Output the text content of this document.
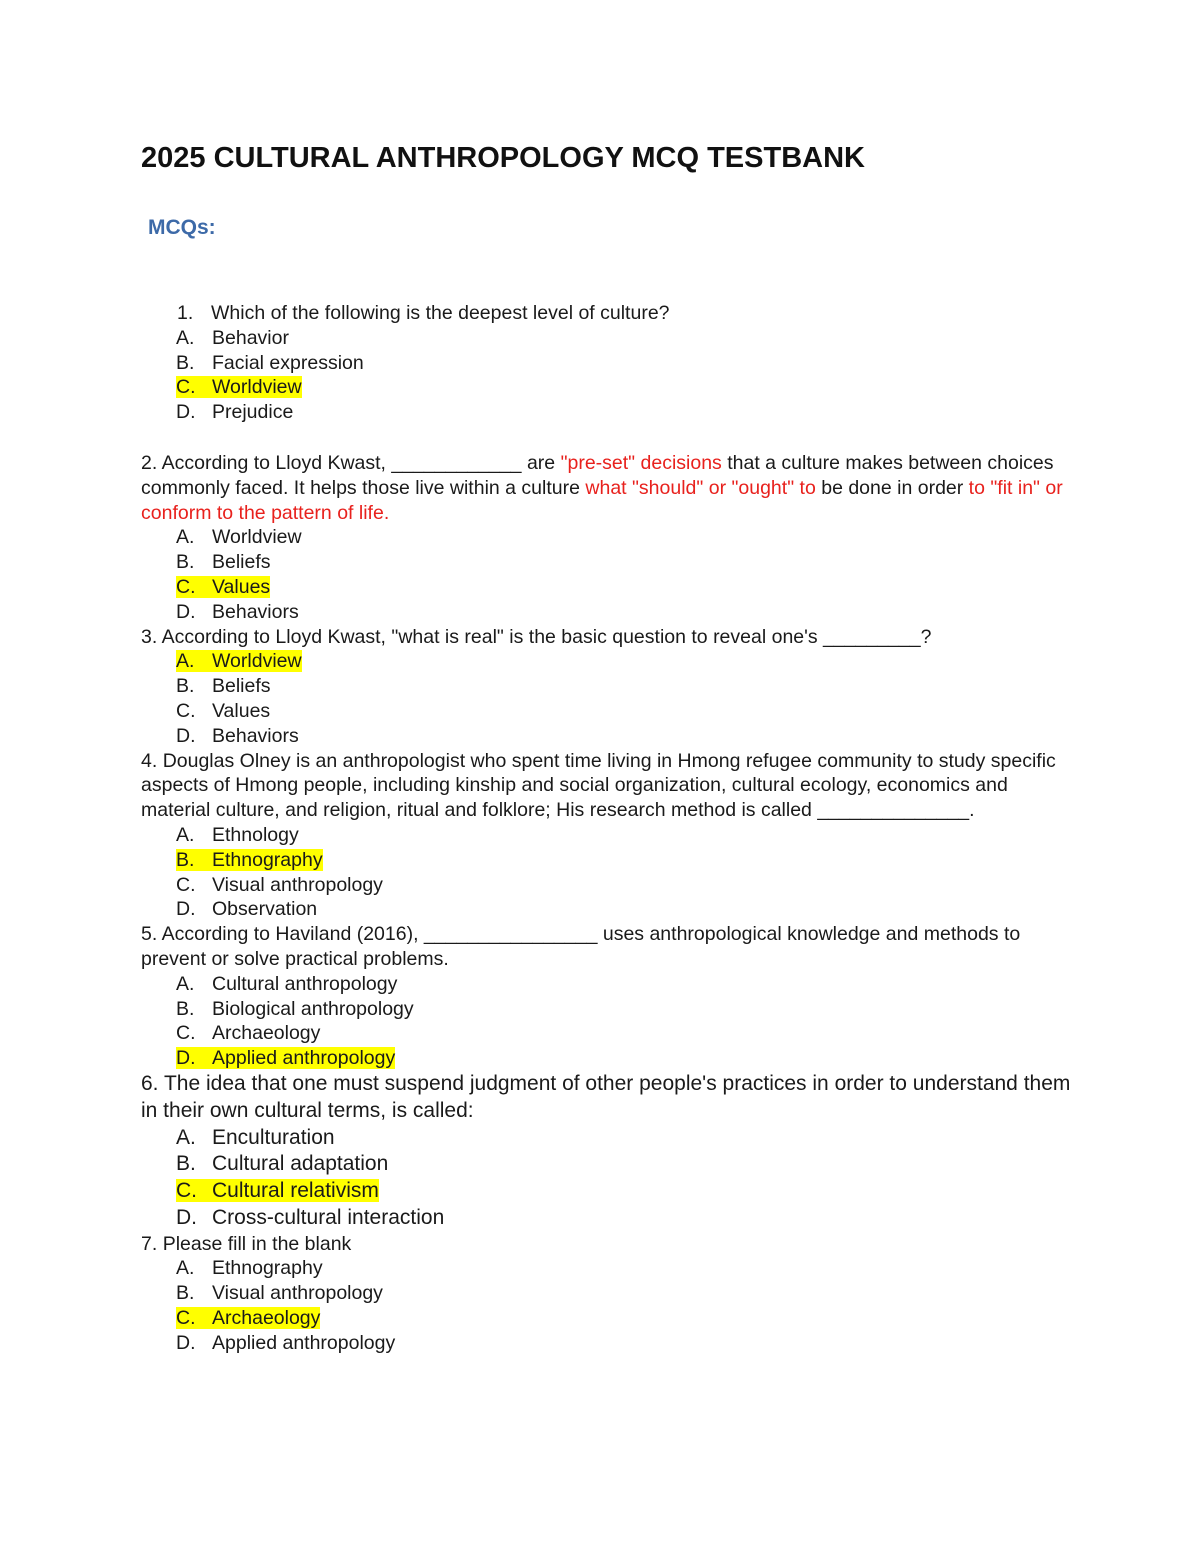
2025 CULTURAL ANTHROPOLOGY MCQ TESTBANK
MCQs:

1. Which of the following is the deepest level of culture?

A. Behavior

B. Facial expression

C. Worldview

D. Prejudice

2. According to Lloyd Kwast, ____________ are "pre-set" decisions that a culture makes between choices commonly faced. It helps those live within a culture what "should" or "ought" to be done in order to "fit in" or conform to the pattern of life.

A. Worldview

B. Beliefs

C. Values

D. Behaviors

3. According to Lloyd Kwast, "what is real" is the basic question to reveal one's _________?

A. Worldview

B. Beliefs

C. Values

D. Behaviors

4. Douglas Olney is an anthropologist who spent time living in Hmong refugee community to study specific aspects of Hmong people, including kinship and social organization, cultural ecology, economics and material culture, and religion, ritual and folklore; His research method is called ______________.

A. Ethnology

B. Ethnography

C. Visual anthropology

D. Observation

5. According to Haviland (2016), ________________ uses anthropological knowledge and methods to prevent or solve practical problems.

A. Cultural anthropology

B. Biological anthropology

C. Archaeology

D. Applied anthropology

6. The idea that one must suspend judgment of other people's practices in order to understand them in their own cultural terms, is called:

A. Enculturation

B. Cultural adaptation

C. Cultural relativism

D. Cross-cultural interaction

7. Please fill in the blank

A. Ethnography

B. Visual anthropology

C. Archaeology

D. Applied anthropology
